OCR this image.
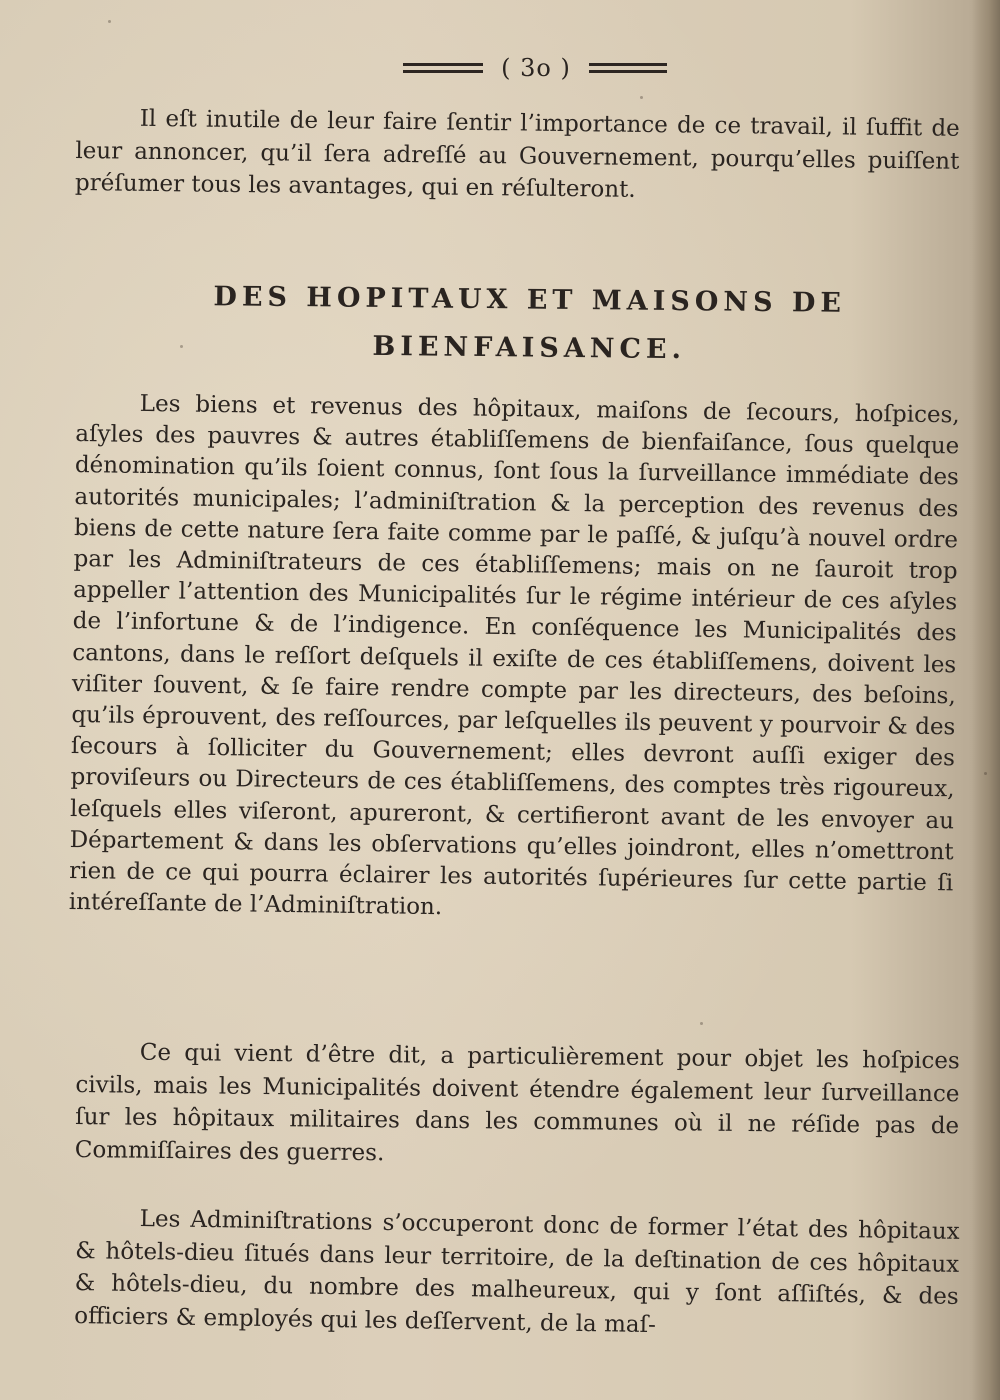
( 3o )

Il eſt inutile de leur faire ſentir l’importance de ce travail, il ſuffit de leur annoncer, qu’il ſera adreſſé au Gouvernement, pourqu’elles puiſſent préſumer tous les avantages, qui en réſulteront.

DES HOPITAUX ET MAISONS DE BIENFAISANCE.

Les biens et revenus des hôpitaux, maiſons de ſecours, hoſpices, aſyles des pauvres & autres établiſſemens de bienfaiſance, ſous quelque dénomination qu’ils ſoient connus, ſont ſous la ſurveillance immédiate des autorités municipales; l’adminiſtration & la perception des revenus des biens de cette nature ſera faite comme par le paſſé, & juſqu’à nouvel ordre par les Adminiſtrateurs de ces établiſſemens; mais on ne ſauroit trop appeller l’attention des Municipalités ſur le régime intérieur de ces aſyles de l’infortune & de l’indigence. En conſéquence les Municipalités des cantons, dans le reſſort deſquels il exiſte de ces établiſſemens, doivent les viſiter ſouvent, & ſe faire rendre compte par les directeurs, des beſoins, qu’ils éprouvent, des reſſources, par leſquelles ils peuvent y pourvoir & des ſecours à ſolliciter du Gouvernement; elles devront auſſi exiger des proviſeurs ou Directeurs de ces établiſſemens, des comptes très rigoureux, leſquels elles viſeront, apureront, & certifieront avant de les envoyer au Département & dans les obſervations qu’elles joindront, elles n’omettront rien de ce qui pourra éclairer les autorités ſupérieures ſur cette partie ſi intéreſſante de l’Adminiſtration.

Ce qui vient d’être dit, a particulièrement pour objet les hoſpices civils, mais les Municipalités doivent étendre également leur ſurveillance ſur les hôpitaux militaires dans les communes où il ne réſide pas de Commiſſaires des guerres.

Les Adminiſtrations s’occuperont donc de former l’état des hôpitaux & hôtels-dieu ſitués dans leur territoire, de la deſtination de ces hôpitaux & hôtels-dieu, du nombre des malheureux, qui y ſont aſſiſtés, & des officiers & employés qui les deſſervent, de la maſ-
